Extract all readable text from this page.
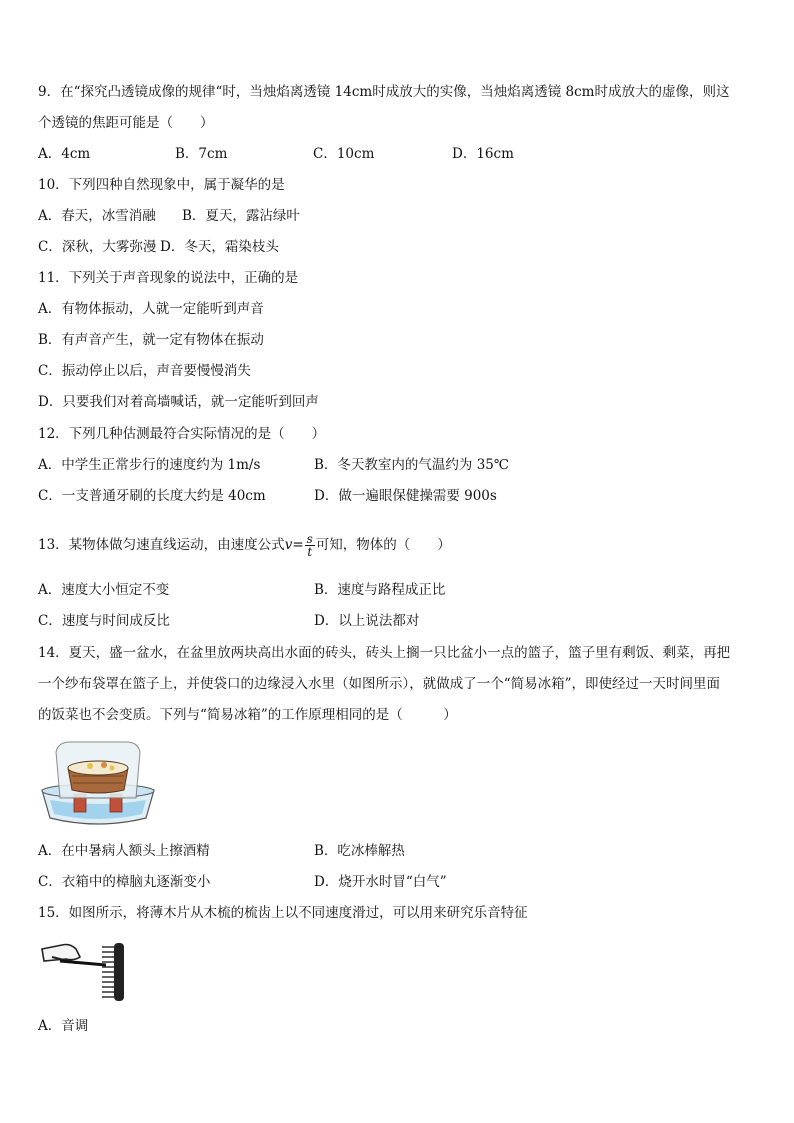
9．在“探究凸透镜成像的规律“时，当烛焰离透镜 14cm时成放大的实像，当烛焰离透镜 8cm时成放大的虚像，则这
个透镜的焦距可能是（　　）
A．4cm	B．7cm	C．10cm	D．16cm
10．下列四种自然现象中，属于凝华的是
A．春天，冰雪消融 B．夏天，露沾绿叶
C．深秋，大雾弥漫 D．冬天，霜染枝头
11．下列关于声音现象的说法中，正确的是
A．有物体振动，人就一定能听到声音
B．有声音产生，就一定有物体在振动
C．振动停止以后，声音要慢慢消失
D．只要我们对着高墙喊话，就一定能听到回声
12．下列几种估测最符合实际情况的是（　　）
A．中学生正常步行的速度约为 1m/s	B．冬天教室内的气温约为 35℃
C．一支普通牙刷的长度大约是 40cm	D．做一遍眼保健操需要 900s
13．某物体做匀速直线运动，由速度公式$v= \frac{s}{t}$ 可知，物体的（　　）
A．速度大小恒定不变	B．速度与路程成正比
C．速度与时间成反比	D．以上说法都对
14．夏天，盛一盆水，在盆里放两块高出水面的砖头，砖头上搁一只比盆小一点的篮子，篮子里有剩饭、剩菜，再把
一个纱布袋罩在篮子上，并使袋口的边缘浸入水里（如图所示），就做成了一个“简易冰箱”，即使经过一天时间里面
的饭菜也不会变质。下列与“简易冰箱”的工作原理相同的是（　　　）
A．在中暑病人额头上擦酒精	B．吃冰棒解热
C．衣箱中的樟脑丸逐渐变小	D．烧开水时冒“白气”
15．如图所示，将薄木片从木梳的梳齿上以不同速度滑过，可以用来研究乐音特征
A．音调
